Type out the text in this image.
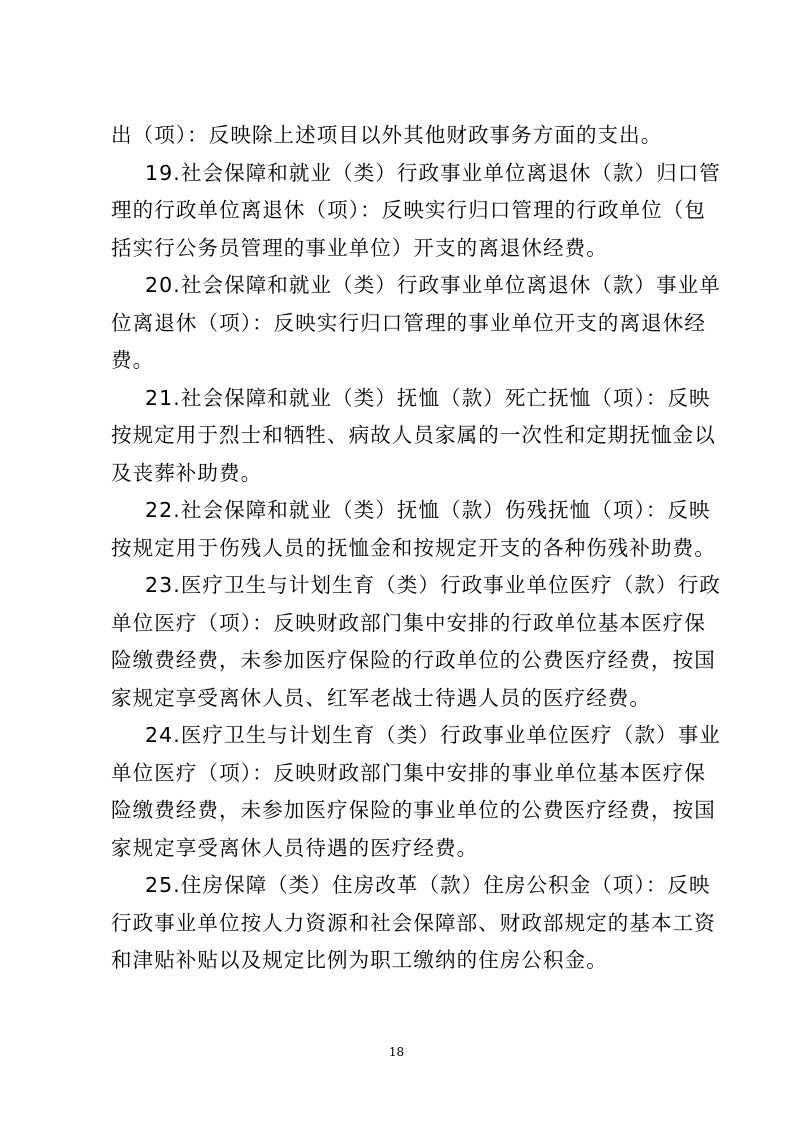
出（项）：反映除上述项目以外其他财政事务方面的支出。

19.社会保障和就业（类）行政事业单位离退休（款）归口管
理的行政单位离退休（项）：反映实行归口管理的行政单位（包
括实行公务员管理的事业单位）开支的离退休经费。

20.社会保障和就业（类）行政事业单位离退休（款）事业单
位离退休（项）：反映实行归口管理的事业单位开支的离退休经
费。

21.社会保障和就业（类）抚恤（款）死亡抚恤（项）：反映
按规定用于烈士和牺牲、病故人员家属的一次性和定期抚恤金以
及丧葬补助费。

22.社会保障和就业（类）抚恤（款）伤残抚恤（项）：反映
按规定用于伤残人员的抚恤金和按规定开支的各种伤残补助费。

23.医疗卫生与计划生育（类）行政事业单位医疗（款）行政
单位医疗（项）：反映财政部门集中安排的行政单位基本医疗保
险缴费经费，未参加医疗保险的行政单位的公费医疗经费，按国
家规定享受离休人员、红军老战士待遇人员的医疗经费。

24.医疗卫生与计划生育（类）行政事业单位医疗（款）事业
单位医疗（项）：反映财政部门集中安排的事业单位基本医疗保
险缴费经费，未参加医疗保险的事业单位的公费医疗经费，按国
家规定享受离休人员待遇的医疗经费。

25.住房保障（类）住房改革（款）住房公积金（项）：反映
行政事业单位按人力资源和社会保障部、财政部规定的基本工资
和津贴补贴以及规定比例为职工缴纳的住房公积金。

18
